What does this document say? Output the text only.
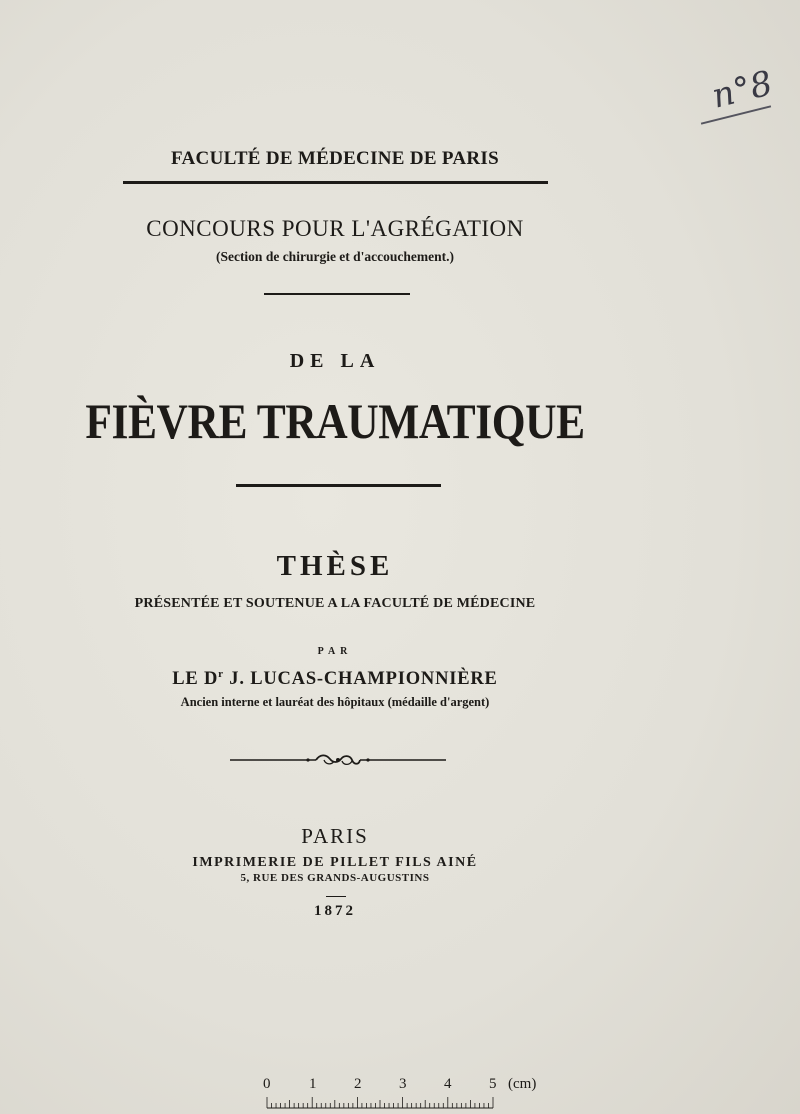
n°8
FACULTÉ DE MÉDECINE DE PARIS
CONCOURS POUR L'AGRÉGATION
(Section de chirurgie et d'accouchement.)
DE LA
FIÈVRE TRAUMATIQUE
THÈSE
PRÉSENTÉE ET SOUTENUE A LA FACULTÉ DE MÉDECINE
PAR
LE $D^r$ J. LUCAS-CHAMPIONNIÈRE
Ancien interne et lauréat des hôpitaux (médaille d'argent)
PARIS
IMPRIMERIE DE PILLET FILS AINÉ
5, RUE DES GRANDS-AUGUSTINS
1872
0	1	2	3	4	5 (cm)
